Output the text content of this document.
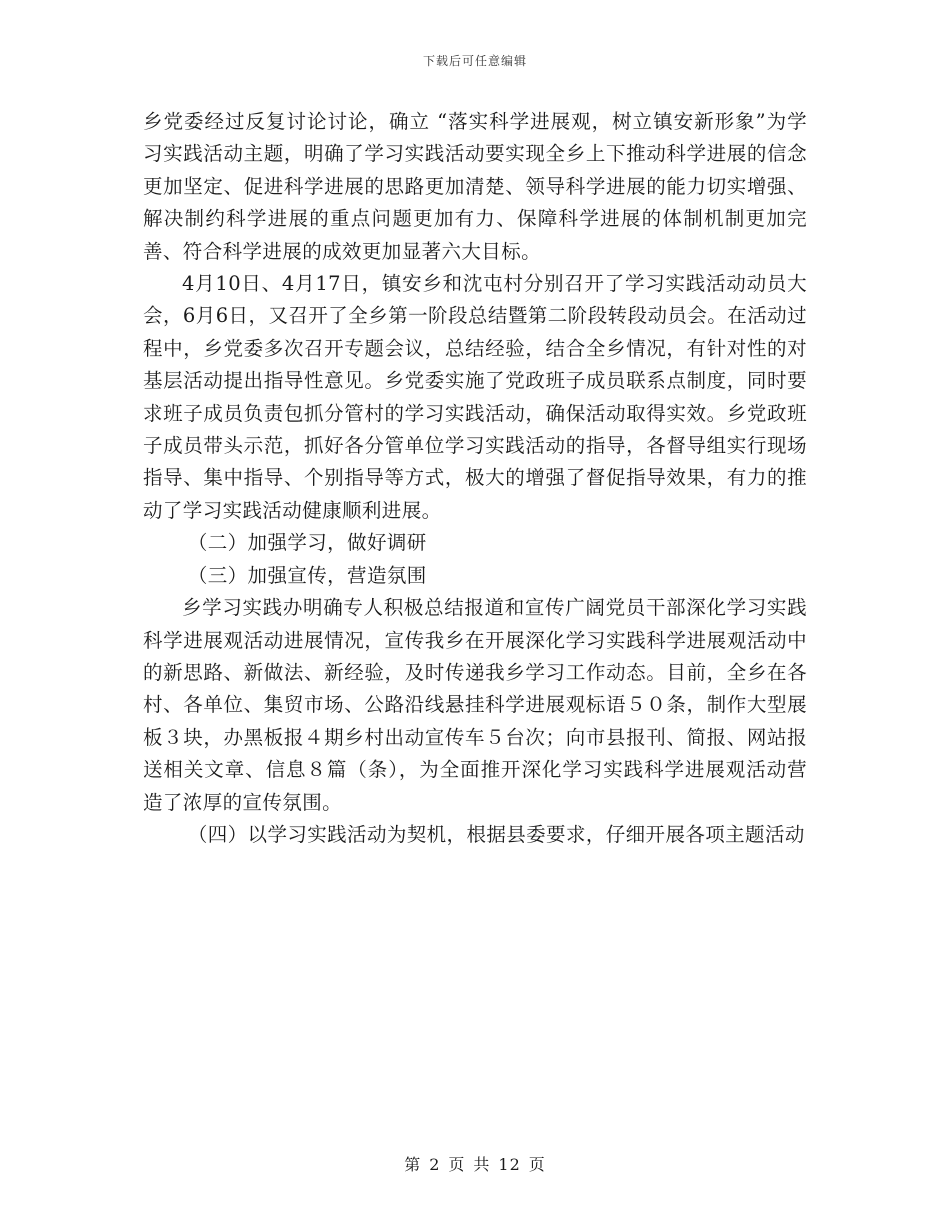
下载后可任意编辑

乡党委经过反复讨论讨论，确立 “落实科学进展观，树立镇安新形象”为学习实践活动主题，明确了学习实践活动要实现全乡上下推动科学进展的信念更加坚定、促进科学进展的思路更加清楚、领导科学进展的能力切实增强、解决制约科学进展的重点问题更加有力、保障科学进展的体制机制更加完善、符合科学进展的成效更加显著六大目标。

4月10日、4月17日，镇安乡和沈屯村分别召开了学习实践活动动员大会，6月6日，又召开了全乡第一阶段总结暨第二阶段转段动员会。在活动过程中，乡党委多次召开专题会议，总结经验，结合全乡情况，有针对性的对基层活动提出指导性意见。乡党委实施了党政班子成员联系点制度，同时要求班子成员负责包抓分管村的学习实践活动，确保活动取得实效。乡党政班子成员带头示范，抓好各分管单位学习实践活动的指导，各督导组实行现场指导、集中指导、个别指导等方式，极大的增强了督促指导效果，有力的推动了学习实践活动健康顺利进展。

（二）加强学习，做好调研

（三）加强宣传，营造氛围

乡学习实践办明确专人积极总结报道和宣传广阔党员干部深化学习实践科学进展观活动进展情况，宣传我乡在开展深化学习实践科学进展观活动中的新思路、新做法、新经验，及时传递我乡学习工作动态。目前，全乡在各村、各单位、集贸市场、公路沿线悬挂科学进展观标语５０条，制作大型展板３块，办黑板报４期乡村出动宣传车５台次；向市县报刊、简报、网站报送相关文章、信息８篇（条），为全面推开深化学习实践科学进展观活动营造了浓厚的宣传氛围。

（四）以学习实践活动为契机，根据县委要求，仔细开展各项主题活动

第 2 页 共 12 页
